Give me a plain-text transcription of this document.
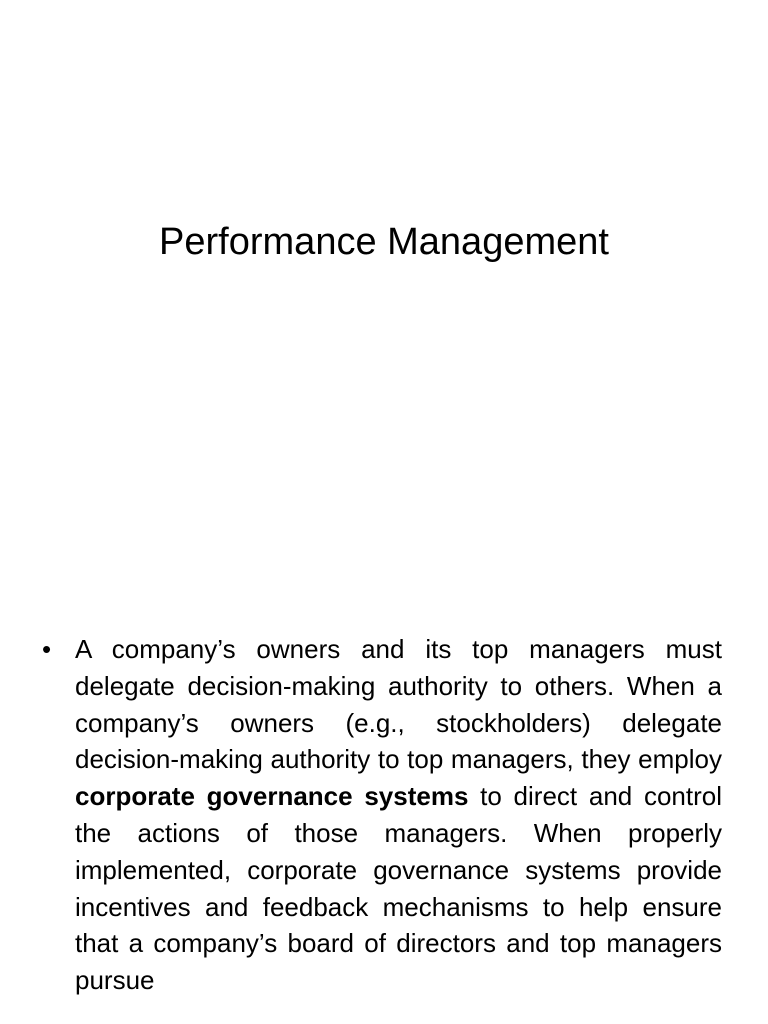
Performance Management
• A company’s owners and its top managers must delegate decision-making authority to others. When a company’s owners (e.g., stockholders) delegate decision-making authority to top managers, they employ corporate governance systems to direct and control the actions of those managers. When properly implemented, corporate governance systems provide incentives and feedback mechanisms to help ensure that a company’s board of directors and top managers pursue
